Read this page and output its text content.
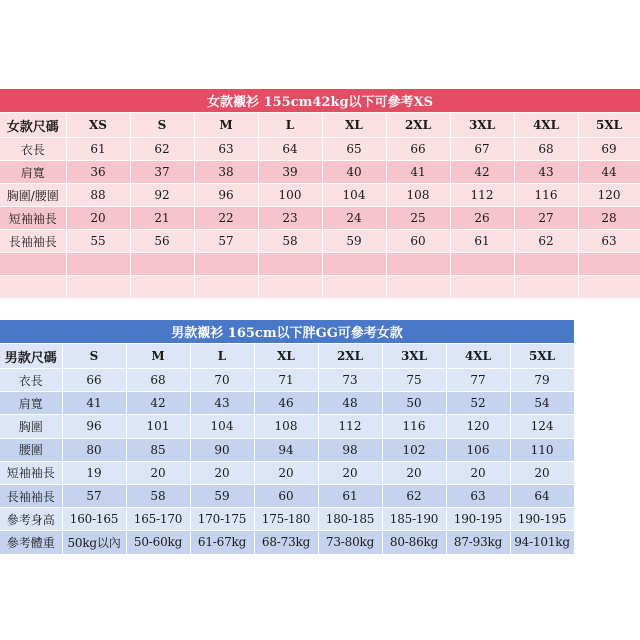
女款襯衫 155cm42kg以下可參考XS									
女款尺碼	XS	S	M	L	XL	2XL	3XL	4XL	5XL
衣長	61	62	63	64	65	66	67	68	69
肩寬	36	37	38	39	40	41	42	43	44
胸圍/腰圍	88	92	96	100	104	108	112	116	120
短袖袖長	20	21	22	23	24	25	26	27	28
長袖袖長	55	56	57	58	59	60	61	62	63

男款襯衫 165cm以下胖GG可參考女款								
男款尺碼	S	M	L	XL	2XL	3XL	4XL	5XL
衣長	66	68	70	71	73	75	77	79
肩寬	41	42	43	46	48	50	52	54
胸圍	96	101	104	108	112	116	120	124
腰圍	80	85	90	94	98	102	106	110
短袖袖長	19	20	20	20	20	20	20	20
長袖袖長	57	58	59	60	61	62	63	64
參考身高	160-165	165-170	170-175	175-180	180-185	185-190	190-195	190-195
參考體重	50kg以內	50-60kg	61-67kg	68-73kg	73-80kg	80-86kg	87-93kg	94-101kg
